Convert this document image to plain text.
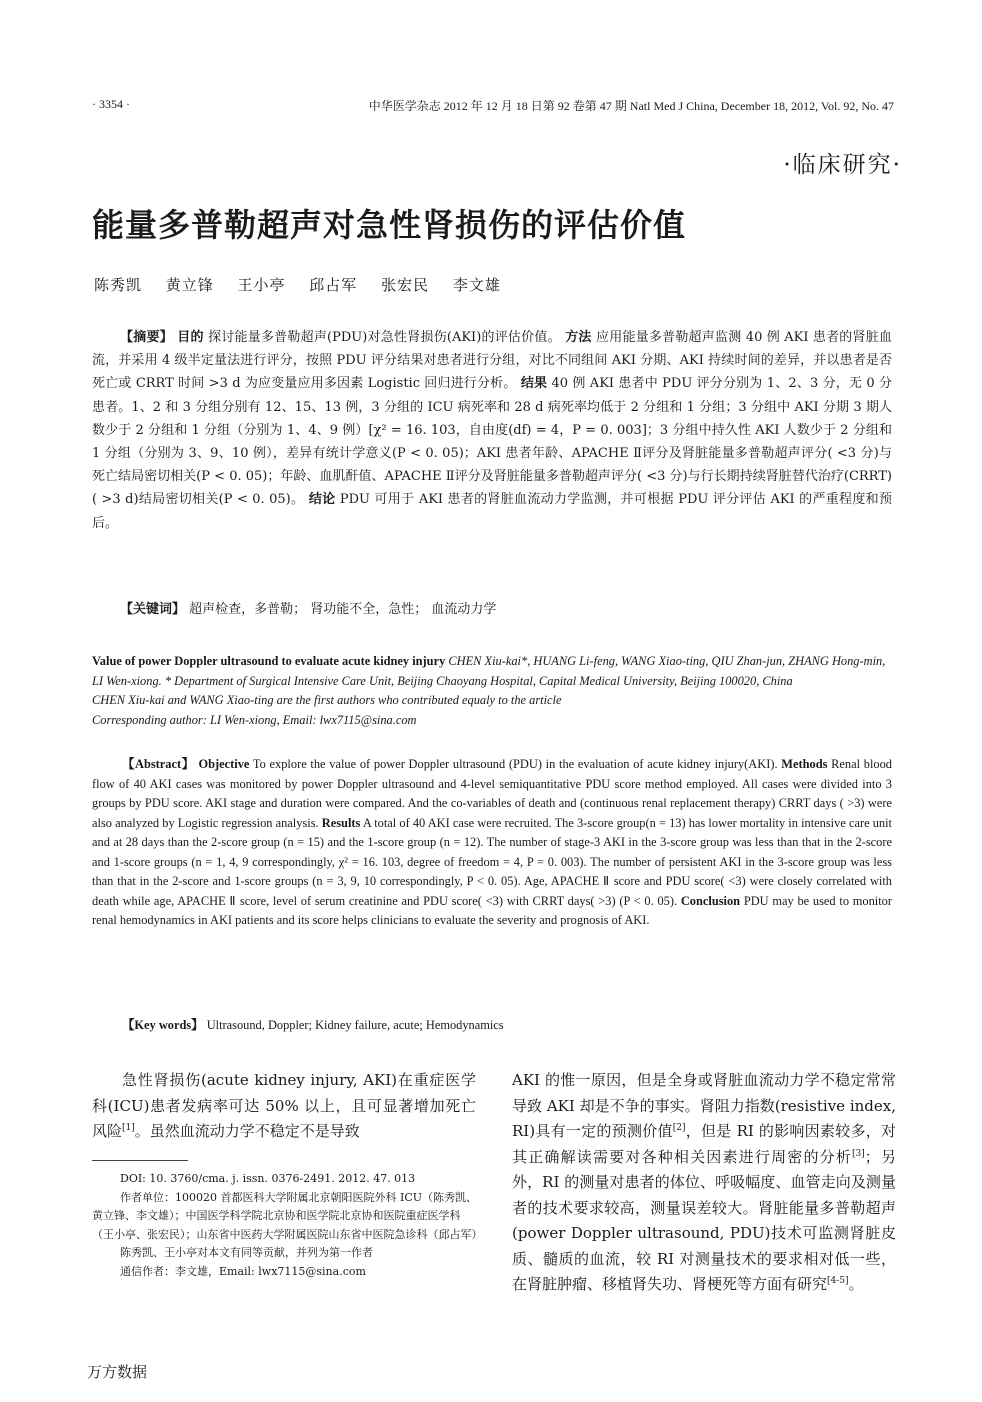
· 3354 ·	中华医学杂志 2012 年 12 月 18 日第 92 卷第 47 期 Natl Med J China, December 18, 2012, Vol. 92, No. 47
·临床研究·
能量多普勒超声对急性肾损伤的评估价值
陈秀凯 黄立锋 王小亭 邱占军 张宏民 李文雄
【摘要】 目的 探讨能量多普勒超声(PDU)对急性肾损伤(AKI)的评估价值。 方法 应用能量多普勒超声监测 40 例 AKI 患者的肾脏血流，并采用 4 级半定量法进行评分，按照 PDU 评分结果对患者进行分组，对比不同组间 AKI 分期、AKI 持续时间的差异，并以患者是否死亡或 CRRT 时间 >3 d 为应变量应用多因素 Logistic 回归进行分析。 结果 40 例 AKI 患者中 PDU 评分分别为 1、2、3 分，无 0 分患者。1、2 和 3 分组分别有 12、15、13 例，3 分组的 ICU 病死率和 28 d 病死率均低于 2 分组和 1 分组；3 分组中 AKI 分期 3 期人数少于 2 分组和 1 分组（分别为 1、4、9 例）[χ² = 16. 103，自由度(df) = 4，P = 0. 003]；3 分组中持久性 AKI 人数少于 2 分组和 1 分组（分别为 3、9、10 例），差异有统计学意义(P < 0. 05)；AKI 患者年龄、APACHE Ⅱ评分及肾脏能量多普勒超声评分( <3 分)与死亡结局密切相关(P < 0. 05)；年龄、血肌酐值、APACHE Ⅱ评分及肾脏能量多普勒超声评分( <3 分)与行长期持续肾脏替代治疗(CRRT)( >3 d)结局密切相关(P < 0. 05)。 结论 PDU 可用于 AKI 患者的肾脏血流动力学监测，并可根据 PDU 评分评估 AKI 的严重程度和预后。
【关键词】 超声检查，多普勒； 肾功能不全，急性； 血流动力学
Value of power Doppler ultrasound to evaluate acute kidney injury CHEN Xiu-kai*, HUANG Li-feng, WANG Xiao-ting, QIU Zhan-jun, ZHANG Hong-min, LI Wen-xiong. * Department of Surgical Intensive Care Unit, Beijing Chaoyang Hospital, Capital Medical University, Beijing 100020, China
CHEN Xiu-kai and WANG Xiao-ting are the first authors who contributed equaly to the article
Corresponding author: LI Wen-xiong, Email: lwx7115@sina.com
【Abstract】 Objective To explore the value of power Doppler ultrasound (PDU) in the evaluation of acute kidney injury(AKI). Methods Renal blood flow of 40 AKI cases was monitored by power Doppler ultrasound and 4-level semiquantitative PDU score method employed. All cases were divided into 3 groups by PDU score. AKI stage and duration were compared. And the co-variables of death and (continuous renal replacement therapy) CRRT days ( >3) were also analyzed by Logistic regression analysis. Results A total of 40 AKI case were recruited. The 3-score group(n = 13) has lower mortality in intensive care unit and at 28 days than the 2-score group (n = 15) and the 1-score group (n = 12). The number of stage-3 AKI in the 3-score group was less than that in the 2-score and 1-score groups (n = 1, 4, 9 correspondingly, χ² = 16. 103, degree of freedom = 4, P = 0. 003). The number of persistent AKI in the 3-score group was less than that in the 2-score and 1-score groups (n = 3, 9, 10 correspondingly, P < 0. 05). Age, APACHE Ⅱ score and PDU score( <3) were closely correlated with death while age, APACHE Ⅱ score, level of serum creatinine and PDU score( <3) with CRRT days( >3) (P < 0. 05). Conclusion PDU may be used to monitor renal hemodynamics in AKI patients and its score helps clinicians to evaluate the severity and prognosis of AKI.
【Key words】 Ultrasound, Doppler; Kidney failure, acute; Hemodynamics
急性肾损伤(acute kidney injury, AKI)在重症医学科(ICU)患者发病率可达 50% 以上，且可显著增加死亡风险[1]。虽然血流动力学不稳定不是导致

DOI: 10. 3760/cma. j. issn. 0376-2491. 2012. 47. 013

作者单位：100020 首都医科大学附属北京朝阳医院外科 ICU（陈秀凯、黄立锋、李文雄）；中国医学科学院北京协和医学院北京协和医院重症医学科（王小亭、张宏民）；山东省中医药大学附属医院山东省中医院急诊科（邱占军）

陈秀凯、王小亭对本文有同等贡献，并列为第一作者

通信作者：李文雄，Email: lwx7115@sina.com

AKI 的惟一原因，但是全身或肾脏血流动力学不稳定常常导致 AKI 却是不争的事实。肾阻力指数(resistive index, RI)具有一定的预测价值[2]，但是 RI 的影响因素较多，对其正确解读需要对各种相关因素进行周密的分析[3]；另外，RI 的测量对患者的体位、呼吸幅度、血管走向及测量者的技术要求较高，测量误差较大。肾脏能量多普勒超声(power Doppler ultrasound, PDU)技术可监测肾脏皮质、髓质的血流，较 RI 对测量技术的要求相对低一些，在肾脏肿瘤、移植肾失功、肾梗死等方面有研究[4-5]。
万方数据
